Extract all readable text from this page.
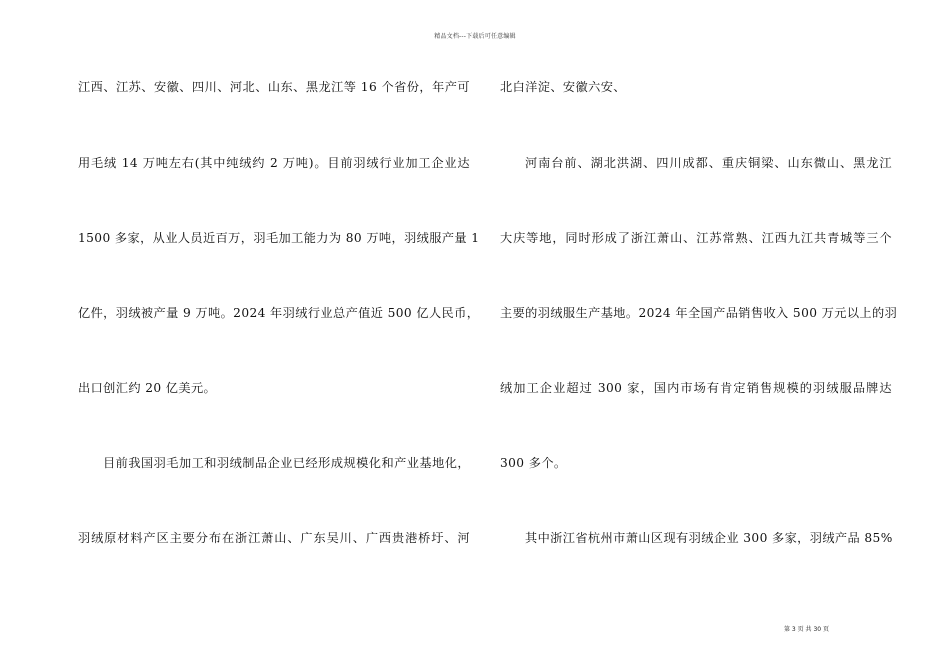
精品文档---下载后可任意编辑
江西、江苏、安徽、四川、河北、山东、黑龙江等 16 个省份，年产可
用毛绒 14 万吨左右(其中纯绒约 2 万吨)。目前羽绒行业加工企业达
1500 多家，从业人员近百万，羽毛加工能力为 80 万吨，羽绒服产量 1
亿件，羽绒被产量 9 万吨。2024 年羽绒行业总产值近 500 亿人民币，
出口创汇约 20 亿美元。
目前我国羽毛加工和羽绒制品企业已经形成规模化和产业基地化，
羽绒原材料产区主要分布在浙江萧山、广东吴川、广西贵港桥圩、河
北白洋淀、安徽六安、
河南台前、湖北洪湖、四川成都、重庆铜梁、山东微山、黑龙江
大庆等地，同时形成了浙江萧山、江苏常熟、江西九江共青城等三个
主要的羽绒服生产基地。2024 年全国产品销售收入 500 万元以上的羽
绒加工企业超过 300 家，国内市场有肯定销售规模的羽绒服品牌达
300 多个。
其中浙江省杭州市萧山区现有羽绒企业 300 多家，羽绒产品 85%
第 3 页 共 30 页
